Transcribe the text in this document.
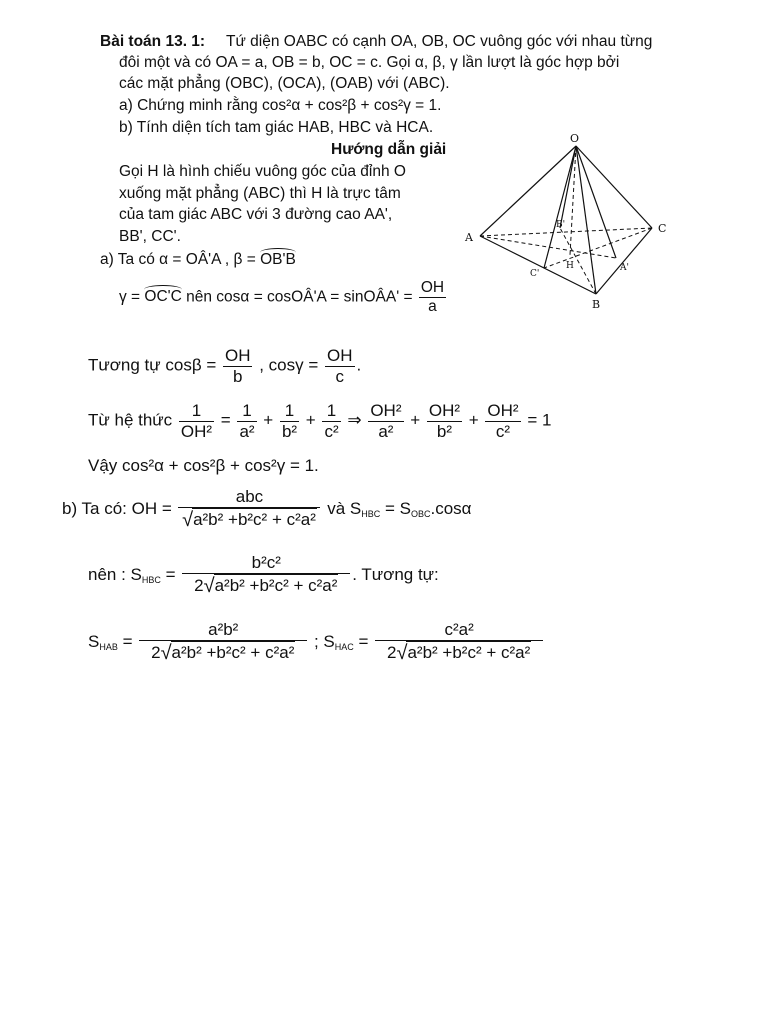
Bài toán 13. 1: Tứ diện OABC có cạnh OA, OB, OC vuông góc với nhau từng
đôi một và có OA = a, OB = b, OC = c. Gọi α, β, γ lần lượt là góc hợp bởi
các mặt phẳng (OBC), (OCA), (OAB) với (ABC).
a) Chứng minh rằng cos²α + cos²β + cos²γ = 1.
b) Tính diện tích tam giác HAB, HBC và HCA.
Hướng dẫn giải
Gọi H là hình chiếu vuông góc của đỉnh O
xuống mặt phẳng (ABC) thì H là trực tâm
của tam giác ABC với 3 đường cao AA',
BB', CC'.
a) Ta có α = OÂ'A , β = OB'B
γ = OC'C nên cosα = cosOÂ'A = sinOÂA' = $\frac{OH}{a}$
O
A
B
C
B'
C'
A'
H
Tương tự $\cos\beta = \frac{OH}{b}$ , $\cos\gamma = \frac{OH}{c}$ .
Từ hệ thức $\frac{1}{\text{OH²}} = \frac{1}{\text{a²}} + \frac{1}{\text{b²}} + \frac{1}{\text{c²}}$ ⇒ $\frac{\text{OH²}}{\text{a²}} + \frac{\text{OH²}}{\text{b²}} + \frac{\text{OH²}}{\text{c²}} = 1$
Vậy cos²α + cos²β + cos²γ = 1.
b) Ta có: OH = $\frac{\text{abc}}{\text{√a²b² +b²c² + c²a²}}$ và $S_{HBC} = S_{OBC}.\cos\alpha$
nên : $S_{HBC} = \frac{\text{b²c²}}{\text{2√a²b² +b²c² + c²a²}}$ . Tương tự:
$S_{HAB} = \frac{\text{a²b²}}{\text{2√a²b² +b²c² + c²a²}}$ ; $S_{HAC} = \frac{\text{c²a²}}{\text{2√a²b² +b²c² + c²a²}}$
